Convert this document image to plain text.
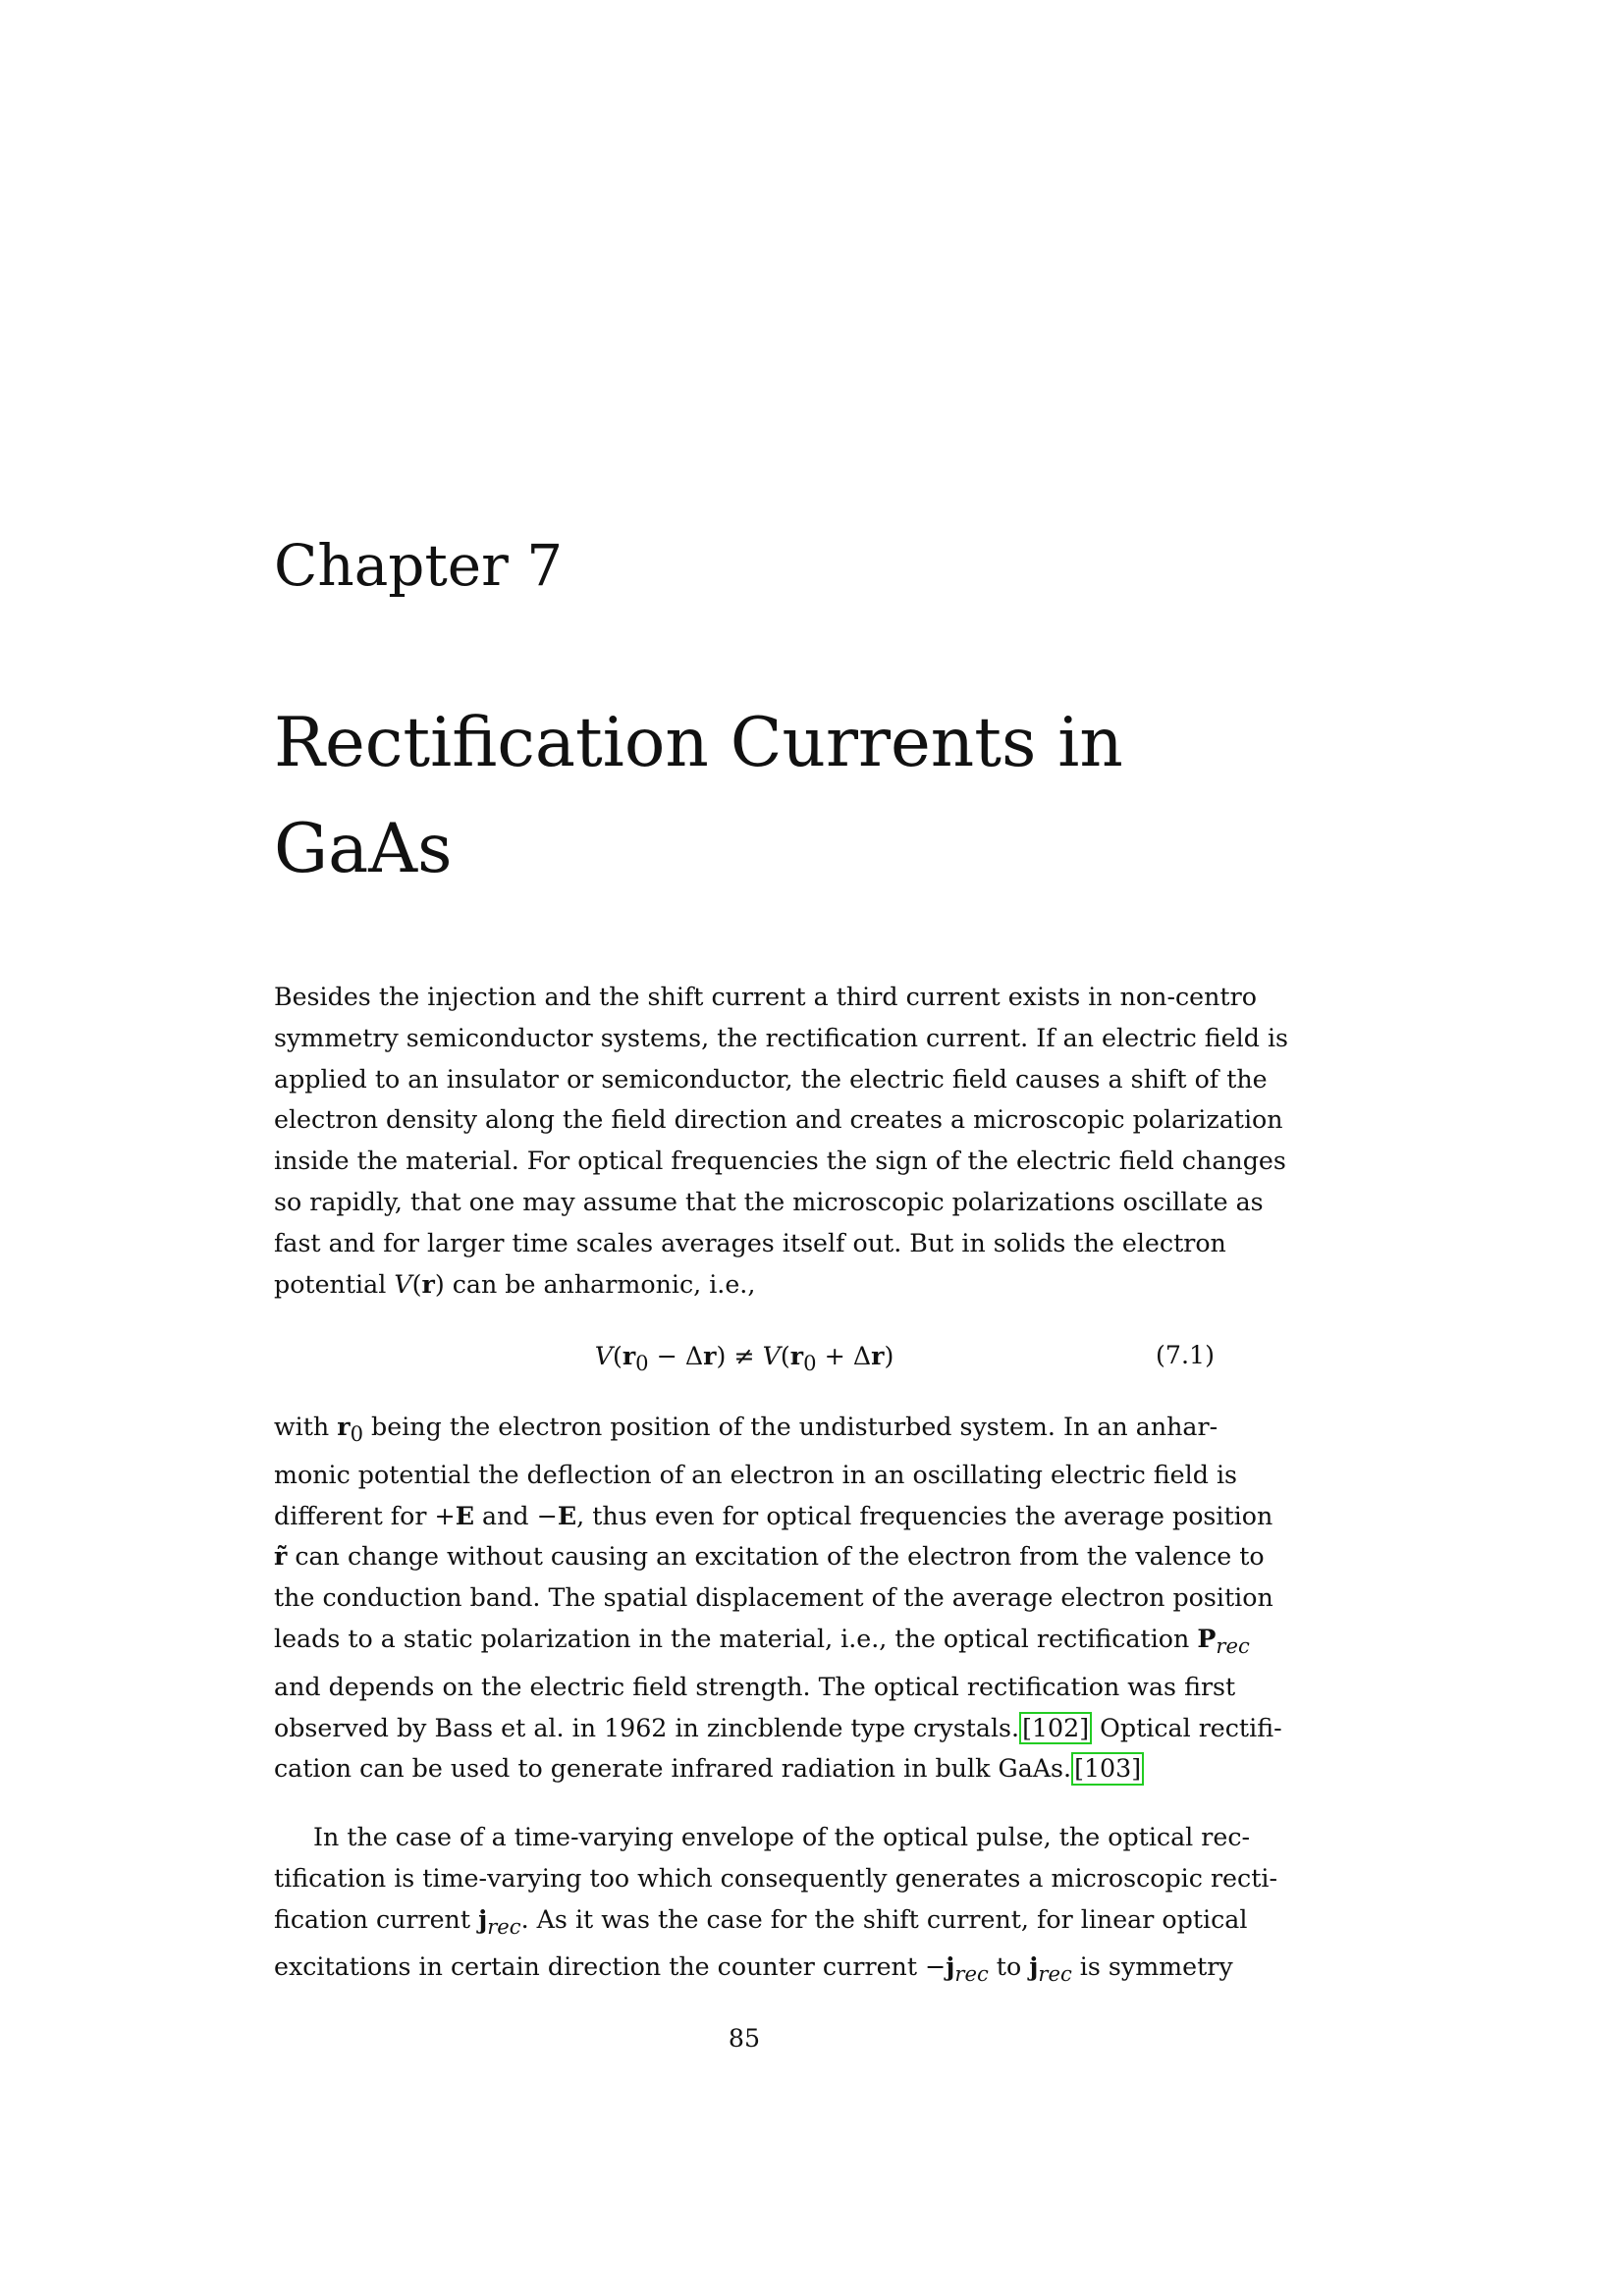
Chapter 7
Rectification Currents in
GaAs

Besides the injection and the shift current a third current exists in non-centro
symmetry semiconductor systems, the rectification current. If an electric field is
applied to an insulator or semiconductor, the electric field causes a shift of the
electron density along the field direction and creates a microscopic polarization
inside the material. For optical frequencies the sign of the electric field changes
so rapidly, that one may assume that the microscopic polarizations oscillate as
fast and for larger time scales averages itself out. But in solids the electron
potential V(r) can be anharmonic, i.e.,

$V(r_0 - \Delta r) \ne V(r_0 + \Delta r)$	(7.1)

with $r_0$ being the electron position of the undisturbed system. In an anhar-
monic potential the deflection of an electron in an oscillating electric field is
different for +E and −E, thus even for optical frequencies the average position
r̃ can change without causing an excitation of the electron from the valence to
the conduction band. The spatial displacement of the average electron position
leads to a static polarization in the material, i.e., the optical rectification $P_{rec}$
and depends on the electric field strength. The optical rectification was first
observed by Bass et al. in 1962 in zincblende type crystals. [102] Optical rectifi-
cation can be used to generate infrared radiation in bulk GaAs. [103]

In the case of a time-varying envelope of the optical pulse, the optical rec-
tification is time-varying too which consequently generates a microscopic recti-
fication current $j_{rec}$. As it was the case for the shift current, for linear optical
excitations in certain direction the counter current $-j_{rec}$ to $j_{rec}$ is symmetry

85
